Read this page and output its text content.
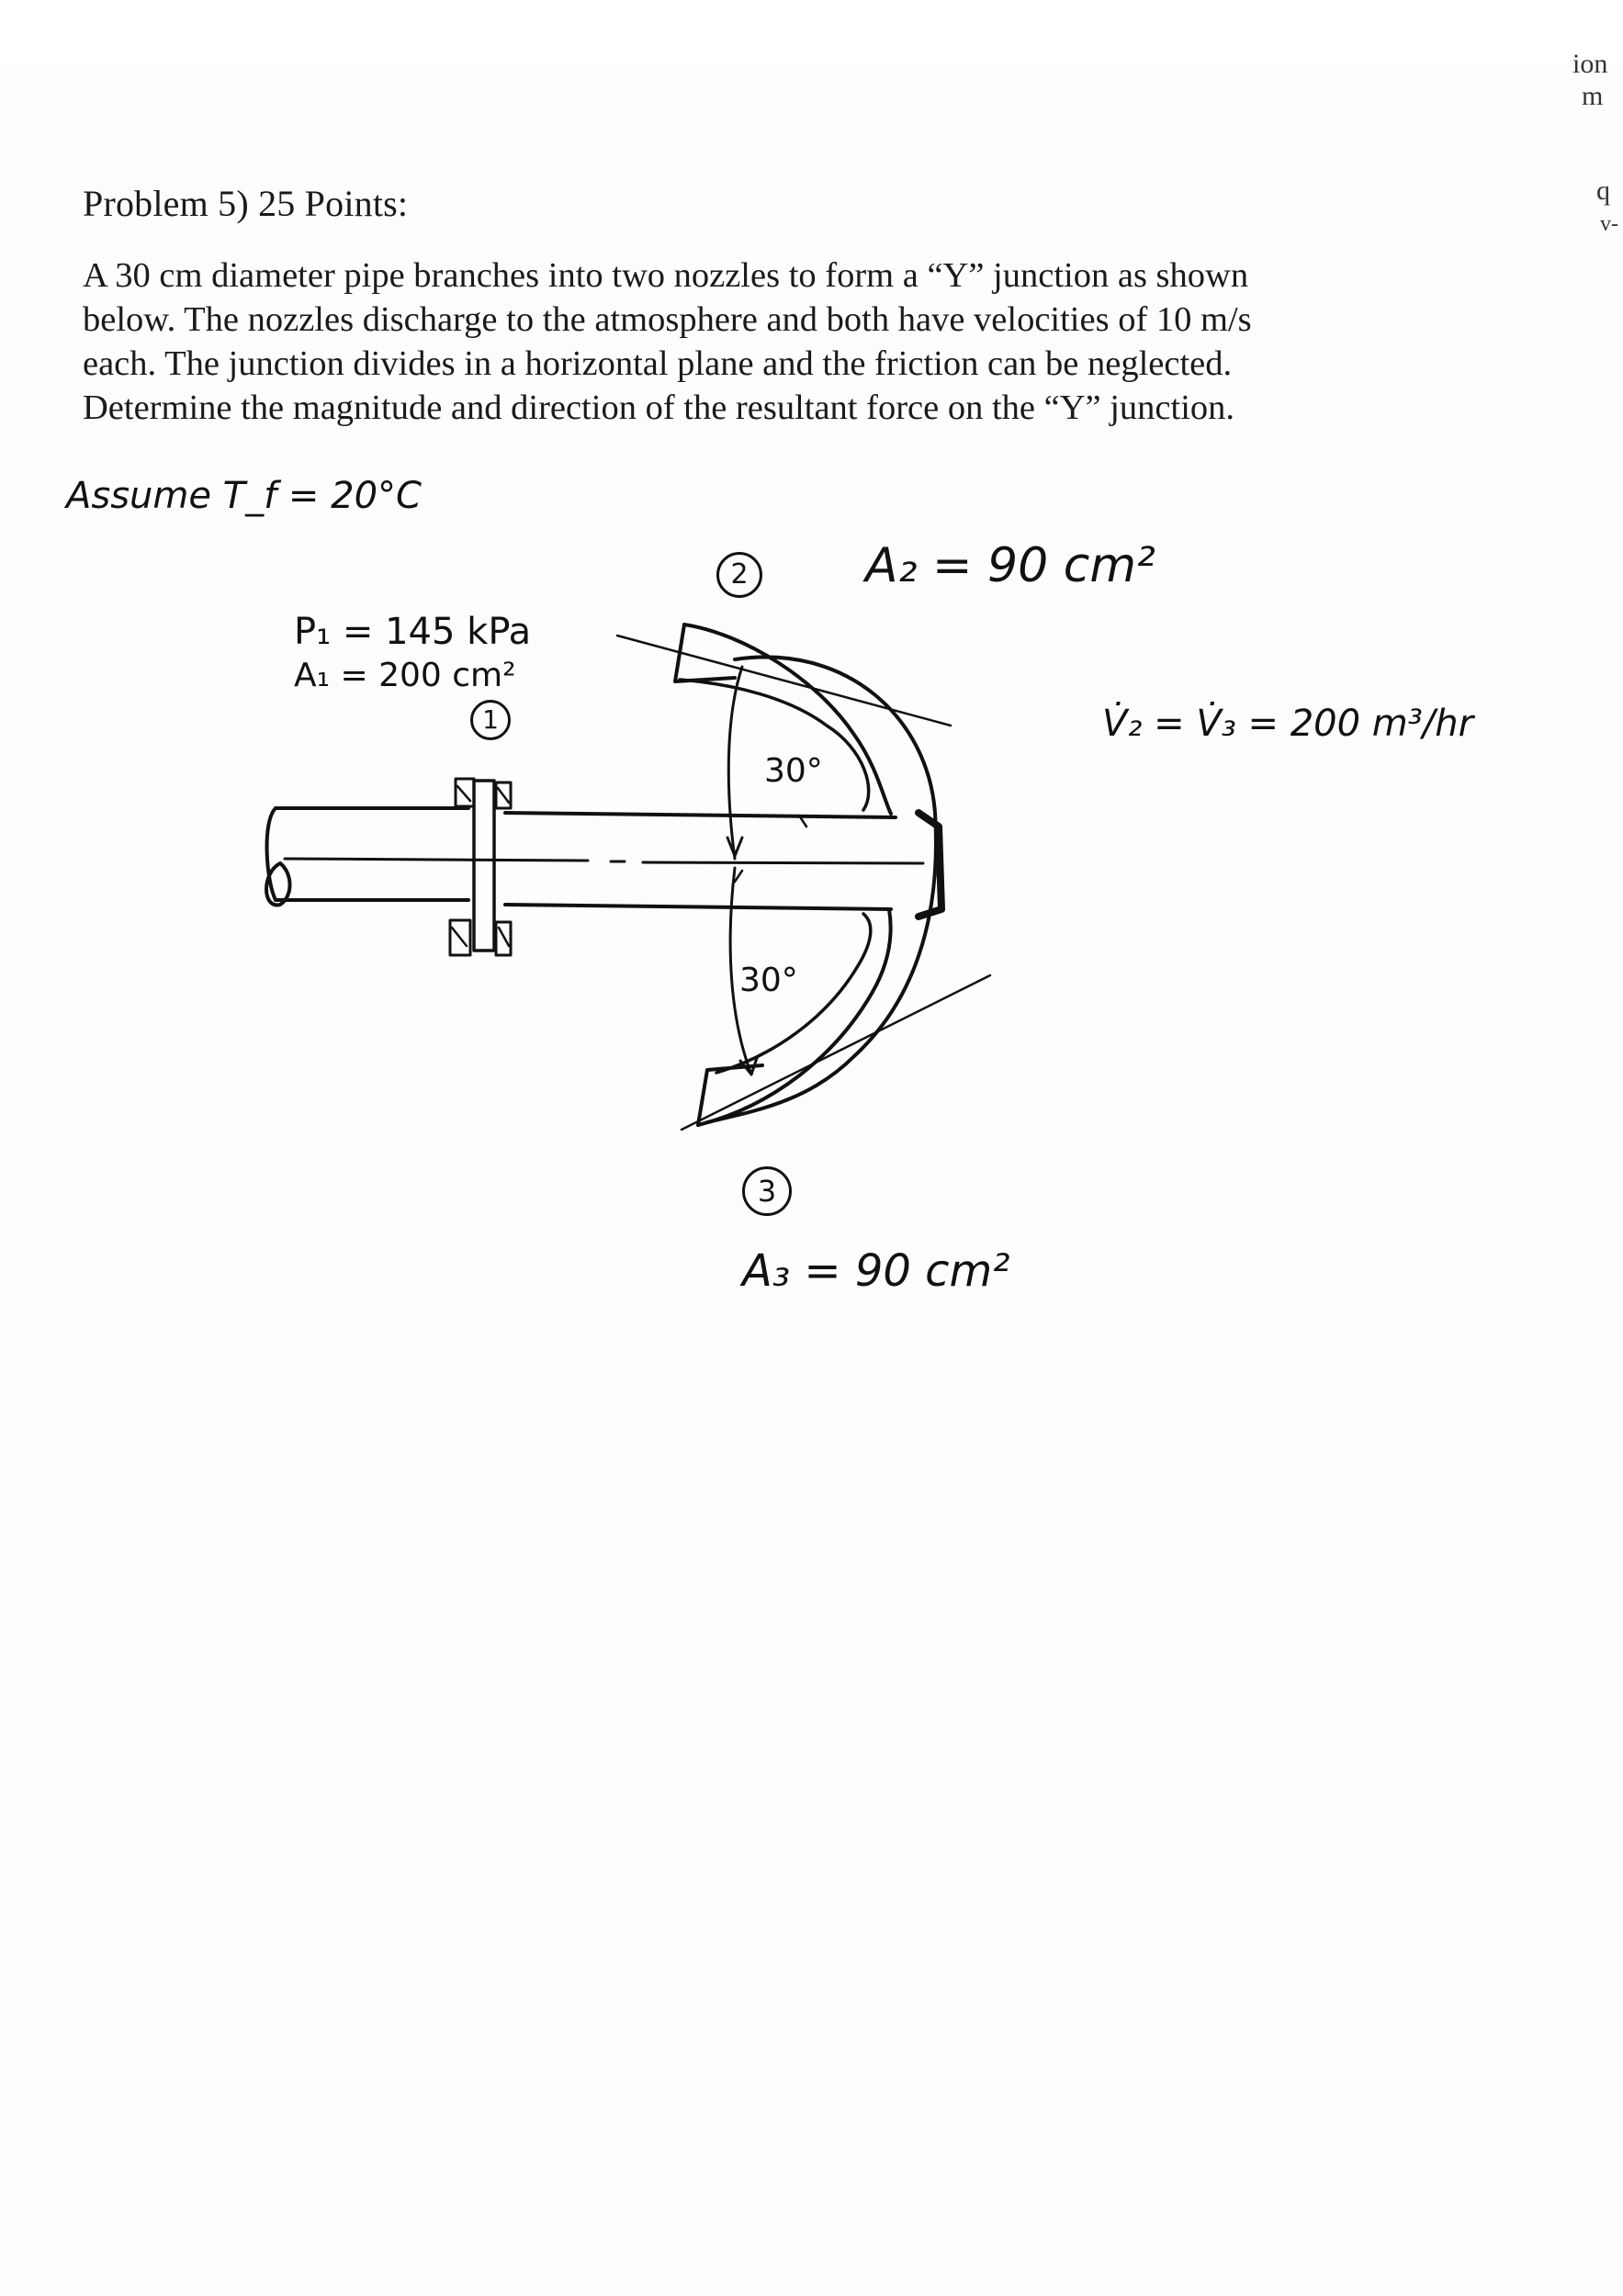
ion
m
q
v-
Problem 5) 25 Points:

A 30 cm diameter pipe branches into two nozzles to form a “Y” junction as shown
below. The nozzles discharge to the atmosphere and both have velocities of 10 m/s
each. The junction divides in a horizontal plane and the friction can be neglected.
Determine the magnitude and direction of the resultant force on the “Y” junction.

Assume T_f = 20°C
P₁ = 145 kPa
A₁ = 200 cm²
A₂ = 90 cm²
A₃ = 90 cm²
30°
30°
V̇₂ = V̇₃ = 200 m³/hr
1
2
3
